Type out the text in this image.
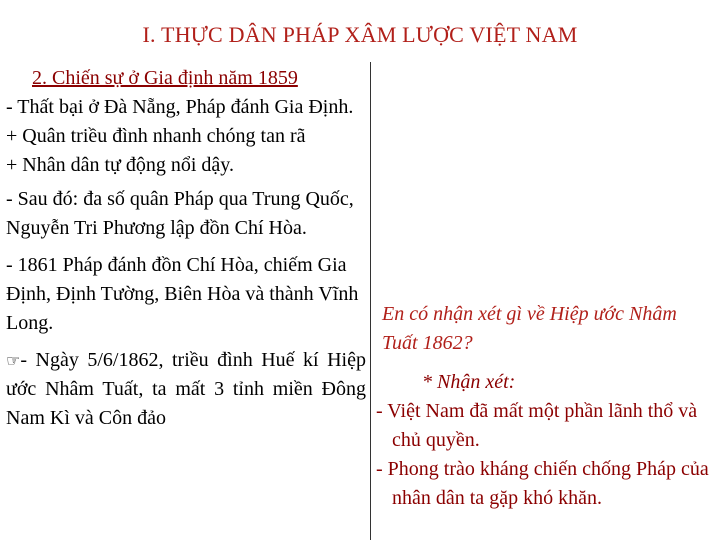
I. THỰC DÂN PHÁP XÂM LƯỢC VIỆT NAM

2. Chiến sự ở Gia định năm 1859

- Thất bại ở Đà Nẵng, Pháp đánh Gia Định.

+ Quân triều đình nhanh chóng tan rã

+ Nhân dân tự động nổi dậy.

- Sau đó: đa số quân Pháp qua Trung Quốc, Nguyễn Tri Phương lập đồn Chí Hòa.

- 1861 Pháp đánh đồn Chí Hòa, chiếm Gia Định, Định Tường, Biên Hòa và thành Vĩnh Long.

☞- Ngày 5/6/1862, triều đình Huế kí Hiệp ước Nhâm Tuất, ta mất 3 tỉnh miền Đông Nam Kì và Côn đảo

En có nhận xét gì về Hiệp ước Nhâm Tuất 1862?

* Nhận xét:

- Việt Nam đã mất một phần lãnh thổ và chủ quyền.

- Phong trào kháng chiến chống Pháp của nhân dân ta gặp khó khăn.
